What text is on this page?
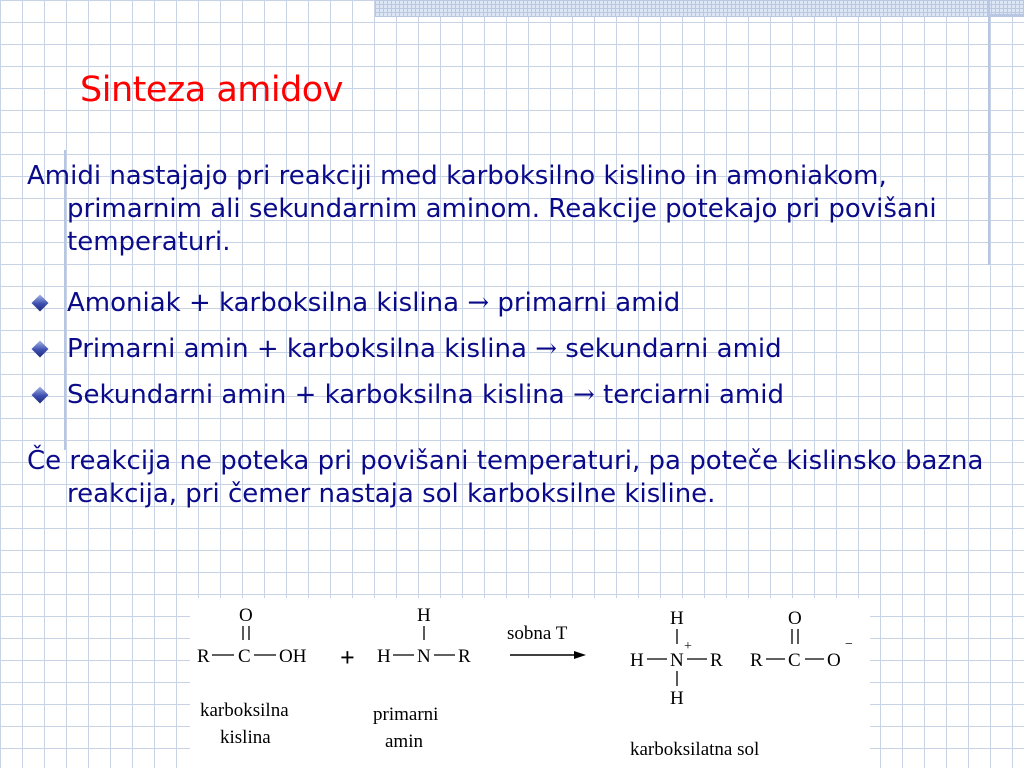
Sinteza amidov

Amidi nastajajo pri reakciji med karboksilno kislino in amoniakom, primarnim ali sekundarnim aminom. Reakcije potekajo pri povišani temperaturi.

Amoniak + karboksilna kislina → primarni amid
Primarni amin + karboksilna kislina → sekundarni amid
Sekundarni amin + karboksilna kislina → terciarni amid

Če reakcija ne poteka pri povišani temperaturi, pa poteče kislinsko bazna reakcija, pri čemer nastaja sol karboksilne kisline.

O
R C OH
karboksilna
kislina
+
H
H N R
primarni
amin
sobna T
H
+
H N R
H
O
R C O
−
karboksilatna sol
